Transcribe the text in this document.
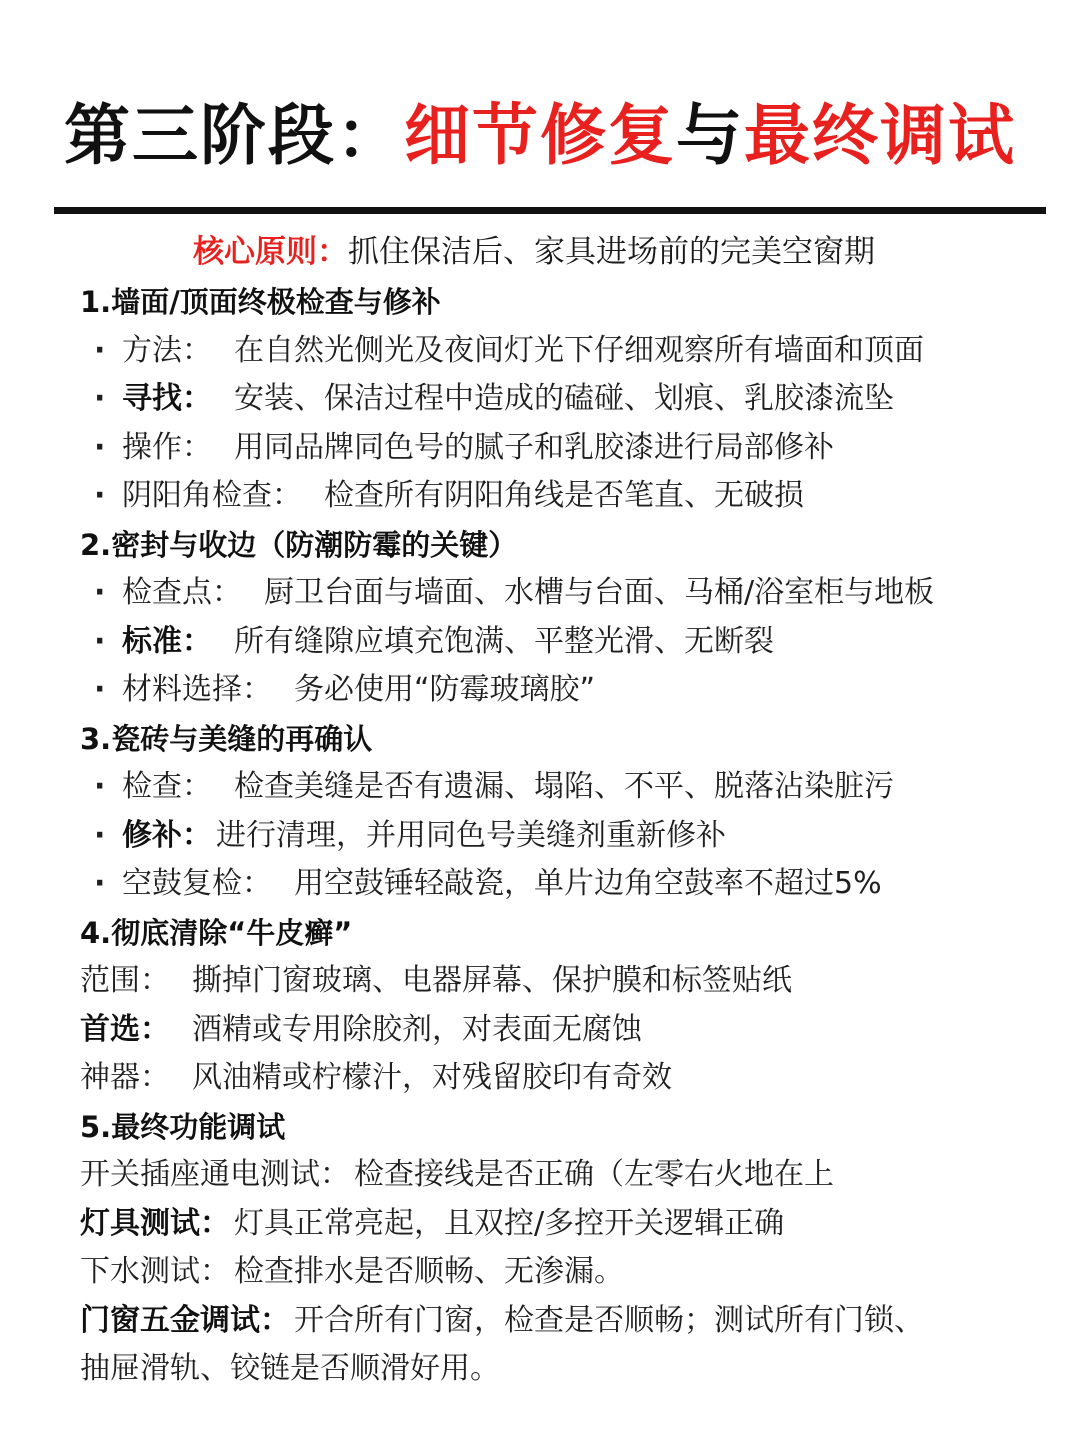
第三阶段：细节修复与最终调试
核心原则：抓住保洁后、家具进场前的完美空窗期
1.墙面/顶面终极检查与修补
· 方法： 在自然光侧光及夜间灯光下仔细观察所有墙面和顶面
· 寻找： 安装、保洁过程中造成的磕碰、划痕、乳胶漆流坠
· 操作： 用同品牌同色号的腻子和乳胶漆进行局部修补
· 阴阳角检查： 检查所有阴阳角线是否笔直、无破损
2.密封与收边（防潮防霉的关键）
· 检查点： 厨卫台面与墙面、水槽与台面、马桶/浴室柜与地板
· 标准： 所有缝隙应填充饱满、平整光滑、无断裂
· 材料选择： 务必使用“防霉玻璃胶”
3.瓷砖与美缝的再确认
· 检查： 检查美缝是否有遗漏、塌陷、不平、脱落沾染脏污
· 修补： 进行清理，并用同色号美缝剂重新修补
· 空鼓复检： 用空鼓锤轻敲瓷，单片边角空鼓率不超过5%
4.彻底清除“牛皮癣”
范围： 撕掉门窗玻璃、电器屏幕、保护膜和标签贴纸
首选： 酒精或专用除胶剂，对表面无腐蚀
神器： 风油精或柠檬汁，对残留胶印有奇效
5.最终功能调试
开关插座通电测试： 检查接线是否正确（左零右火地在上
灯具测试： 灯具正常亮起，且双控/多控开关逻辑正确
下水测试： 检查排水是否顺畅、无渗漏。
门窗五金调试： 开合所有门窗，检查是否顺畅；测试所有门锁、
抽屉滑轨、铰链是否顺滑好用。
